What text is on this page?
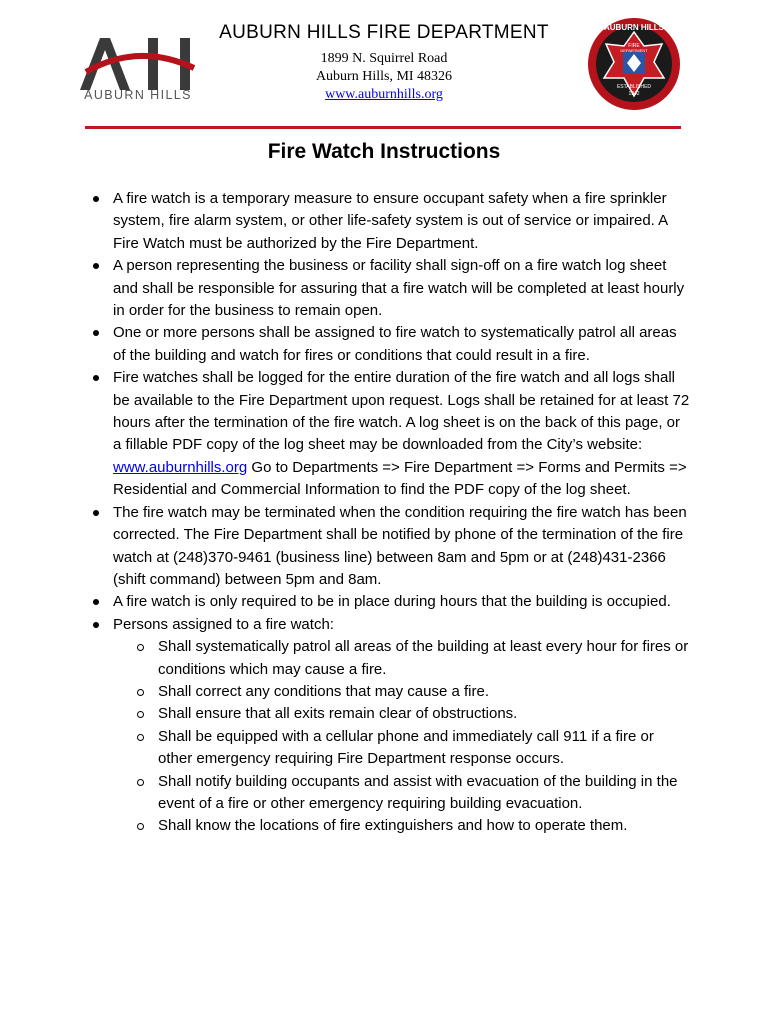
AUBURN HILLS
AUBURN HILLS FIRE DEPARTMENT
1899 N. Squirrel Road
Auburn Hills, MI 48326
www.auburnhills.org
AUBURN HILLS
FIRE
DEPARTMENT
ESTABLISHED
1942
Fire Watch Instructions
A fire watch is a temporary measure to ensure occupant safety when a fire sprinkler system, fire alarm system, or other life-safety system is out of service or impaired. A Fire Watch must be authorized by the Fire Department.
A person representing the business or facility shall sign-off on a fire watch log sheet and shall be responsible for assuring that a fire watch will be completed at least hourly in order for the business to remain open.
One or more persons shall be assigned to fire watch to systematically patrol all areas of the building and watch for fires or conditions that could result in a fire.
Fire watches shall be logged for the entire duration of the fire watch and all logs shall be available to the Fire Department upon request. Logs shall be retained for at least 72 hours after the termination of the fire watch. A log sheet is on the back of this page, or a fillable PDF copy of the log sheet may be downloaded from the City’s website: www.auburnhills.org Go to Departments => Fire Department => Forms and Permits => Residential and Commercial Information to find the PDF copy of the log sheet.
The fire watch may be terminated when the condition requiring the fire watch has been corrected. The Fire Department shall be notified by phone of the termination of the fire watch at (248)370-9461 (business line) between 8am and 5pm or at (248)431-2366 (shift command) between 5pm and 8am.
A fire watch is only required to be in place during hours that the building is occupied.
Persons assigned to a fire watch:
Shall systematically patrol all areas of the building at least every hour for fires or conditions which may cause a fire.
Shall correct any conditions that may cause a fire.
Shall ensure that all exits remain clear of obstructions.
Shall be equipped with a cellular phone and immediately call 911 if a fire or other emergency requiring Fire Department response occurs.
Shall notify building occupants and assist with evacuation of the building in the event of a fire or other emergency requiring building evacuation.
Shall know the locations of fire extinguishers and how to operate them.
